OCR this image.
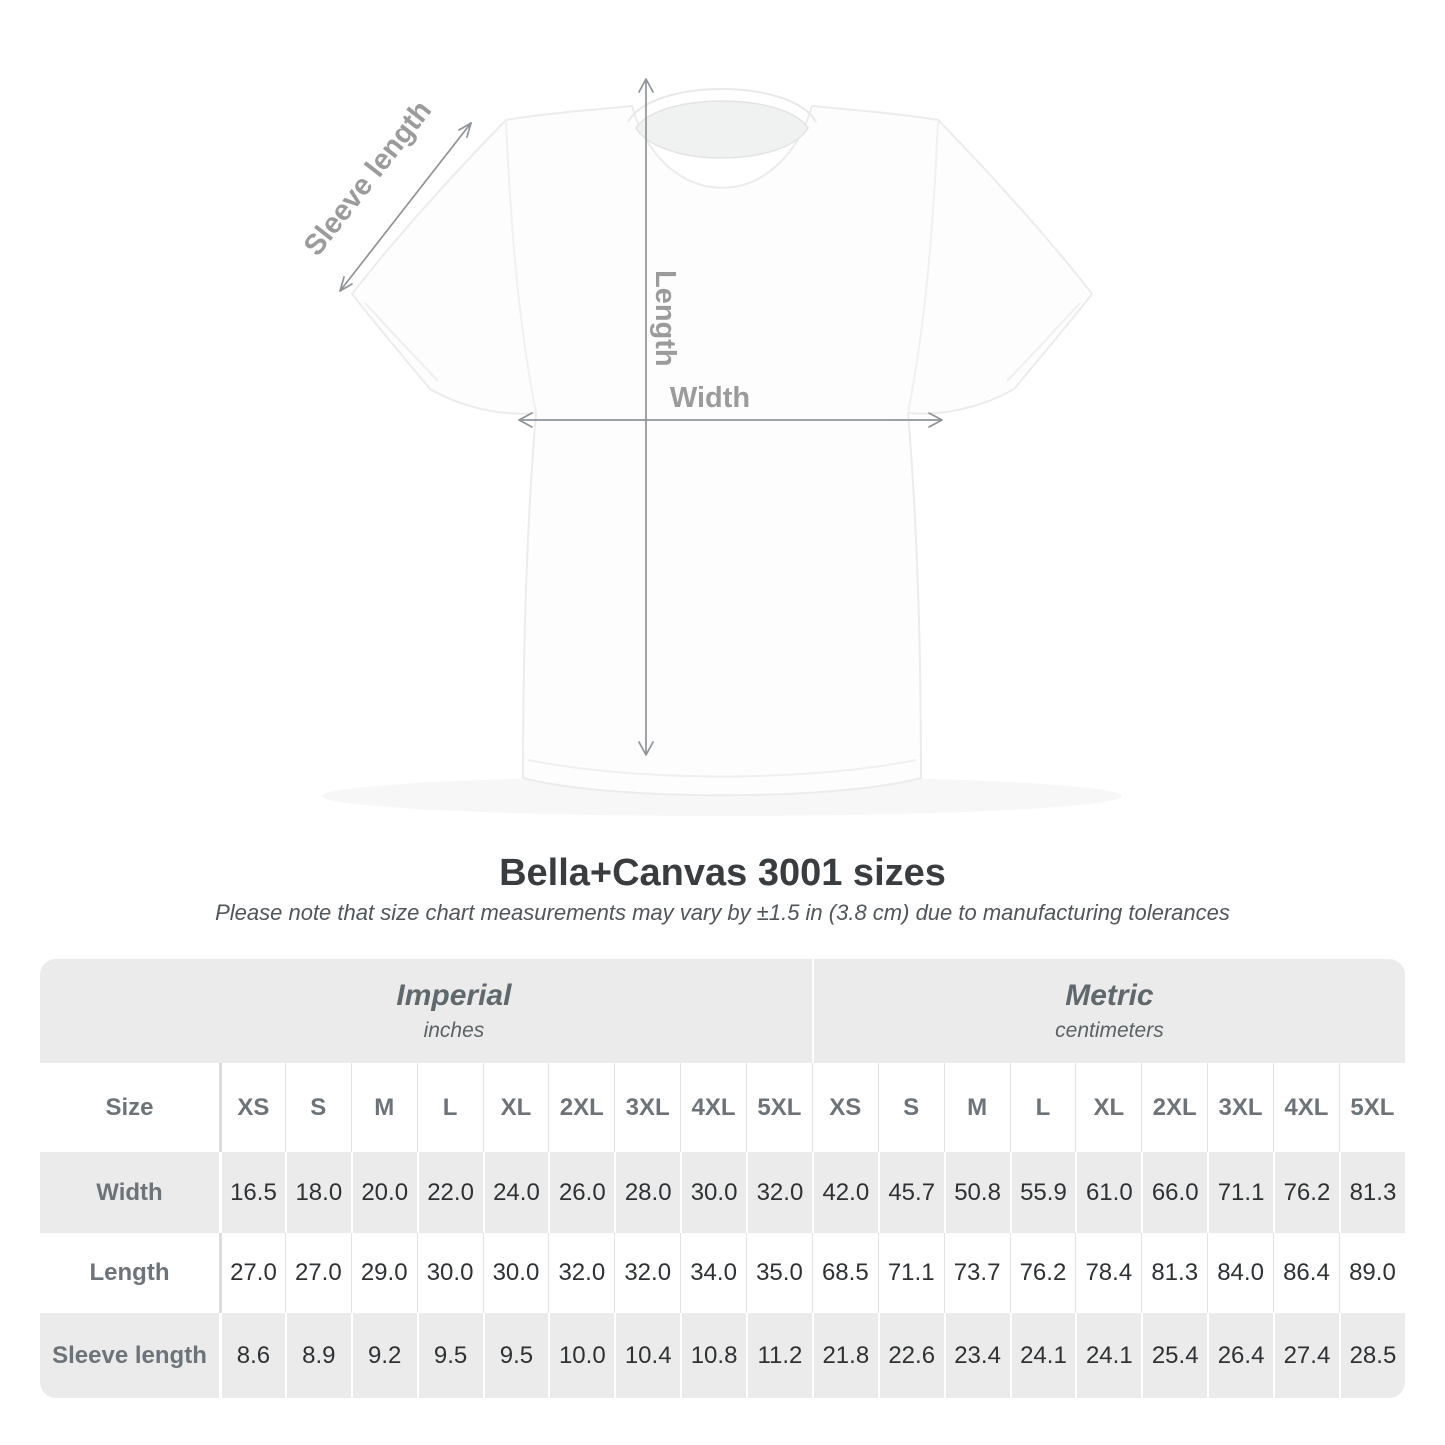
Sleeve length
Length
Width
Bella+Canvas 3001 sizes
Please note that size chart measurements may vary by ±1.5 in (3.8 cm) due to manufacturing tolerances
Imperial
inches

Metric
centimeters

Size	XS	S	M	L	XL	2XL	3XL	4XL	5XL	XS	S	M	L	XL	2XL	3XL	4XL	5XL
Width	16.5	18.0	20.0	22.0	24.0	26.0	28.0	30.0	32.0	42.0	45.7	50.8	55.9	61.0	66.0	71.1	76.2	81.3
Length	27.0	27.0	29.0	30.0	30.0	32.0	32.0	34.0	35.0	68.5	71.1	73.7	76.2	78.4	81.3	84.0	86.4	89.0
Sleeve length	8.6	8.9	9.2	9.5	9.5	10.0	10.4	10.8	11.2	21.8	22.6	23.4	24.1	24.1	25.4	26.4	27.4	28.5
